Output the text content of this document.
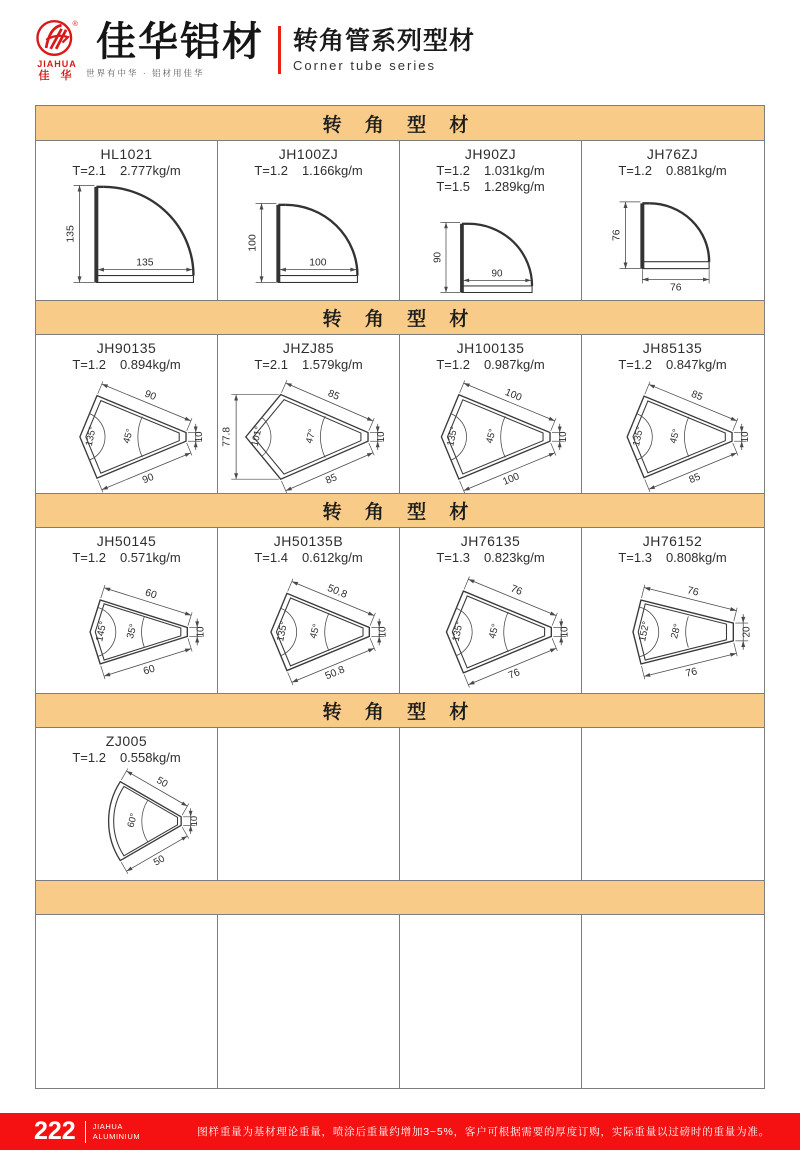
®
JIAHUA
佳 华
佳华铝材
世界有中华 · 铝材用佳华
转角管系列型材
Corner tube series
转 角 型 材
HL1021
T=2.1 2.777kg/m
135
135
JH100ZJ
T=1.2 1.166kg/m
100
100
JH90ZJ
T=1.2 1.031kg/m
T=1.5 1.289kg/m
90
90
JH76ZJ
T=1.2 0.881kg/m
76
76
转 角 型 材
JH90135
T=1.2 0.894kg/m
90
90
135° 45°	10
JHZJ85
T=2.1 1.579kg/m
85
85
101°	47°
77.8	10
JH100135
T=1.2 0.987kg/m
100
100
135° 45°	10
JH85135
T=1.2 0.847kg/m
85
85
135° 45°	10
转 角 型 材
JH50145
T=1.2 0.571kg/m
60
60
145° 35°	10
JH50135B
T=1.4 0.612kg/m
50.8
50.8
135° 45°	10
JH76135
T=1.3 0.823kg/m
76
76
135° 45°	10
JH76152
T=1.3 0.808kg/m
76
76
152° 28°	20
转 角 型 材
ZJ005
T=1.2 0.558kg/m
50
50
60°	10
222 JIAHUA
ALUMINIUM	图样重量为基材理论重量，喷涂后重量约增加3~5%，客户可根据需要的厚度订购，实际重量以过磅时的重量为准。
